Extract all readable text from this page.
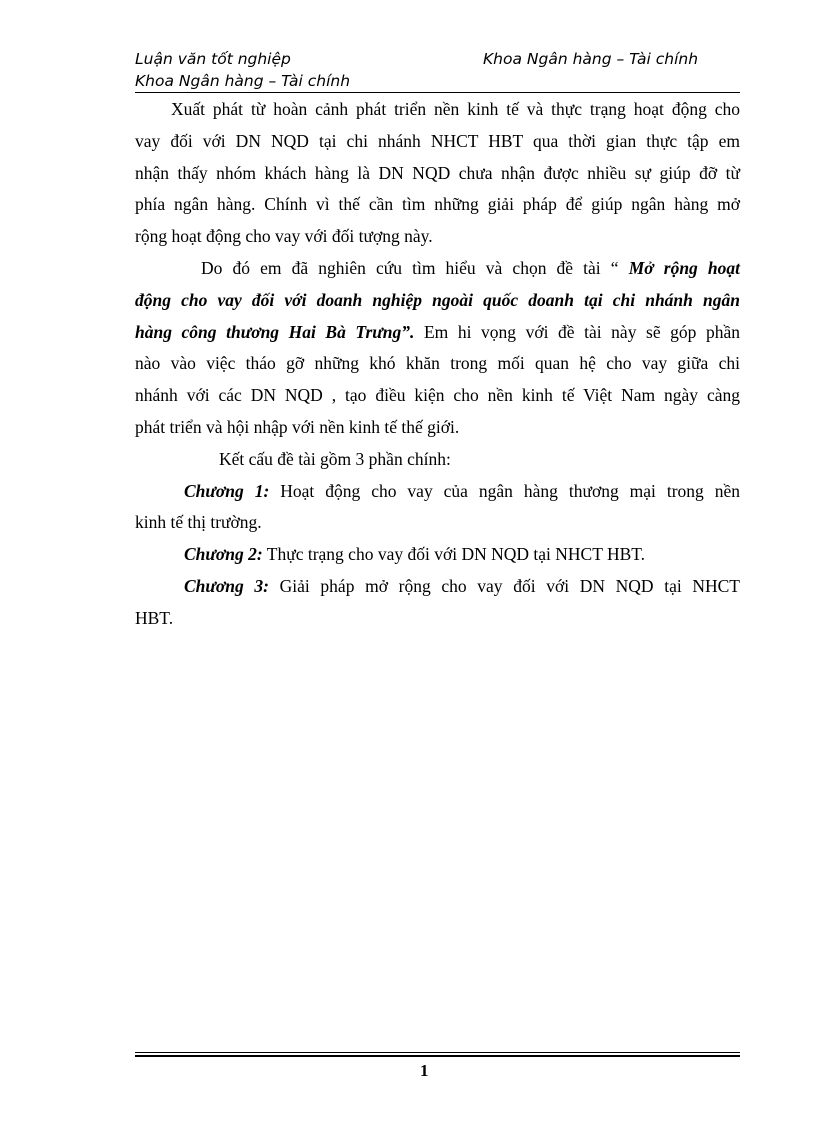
Luận văn tốt nghiệp	Khoa Ngân hàng – Tài chính
Khoa Ngân hàng – Tài chính
Xuất phát từ hoàn cảnh phát triển nền kinh tế và thực trạng hoạt động cho
vay đối với DN NQD tại chi nhánh NHCT HBT qua thời gian thực tập em
nhận thấy nhóm khách hàng là DN NQD chưa nhận được nhiều sự giúp đỡ từ
phía ngân hàng. Chính vì thế cần tìm những giải pháp để giúp ngân hàng mở
rộng hoạt động cho vay với đối tượng này.
Do đó em đã nghiên cứu tìm hiểu và chọn đề tài “ Mở rộng hoạt
động cho vay đối với doanh nghiệp ngoài quốc doanh tại chi nhánh ngân
hàng công thương Hai Bà Trưng”. Em hi vọng với đề tài này sẽ góp phần
nào vào việc tháo gỡ những khó khăn trong mối quan hệ cho vay giữa chi
nhánh với các DN NQD , tạo điều kiện cho nền kinh tế Việt Nam ngày càng
phát triển và hội nhập với nền kinh tế thế giới.
Kết cấu đề tài gồm 3 phần chính:
Chương 1: Hoạt động cho vay của ngân hàng thương mại trong nền
kinh tế thị trường.
Chương 2: Thực trạng cho vay đối với DN NQD tại NHCT HBT.
Chương 3: Giải pháp mở rộng cho vay đối với DN NQD tại NHCT
HBT.
1
